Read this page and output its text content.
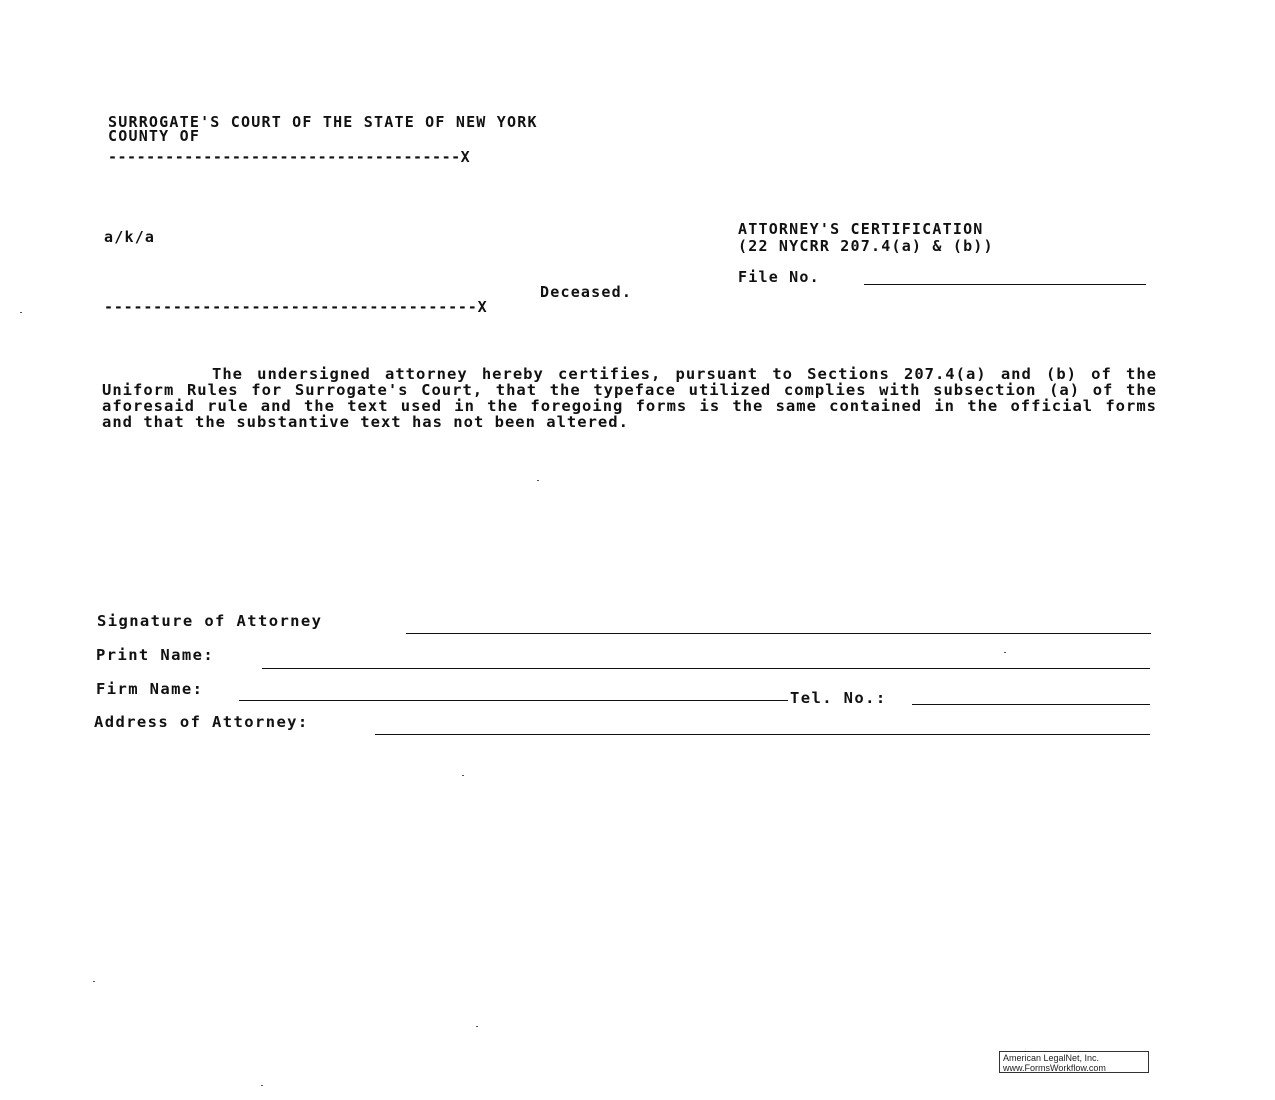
SURROGATE'S COURT OF THE STATE OF NEW YORK
COUNTY OF
-------------------------------------X
a/k/a
Deceased.
--------------------------------------X
ATTORNEY'S CERTIFICATION
(22 NYCRR 207.4(a) & (b))
File No.
The undersigned attorney hereby certifies, pursuant to Sections 207.4(a) and (b) of the Uniform Rules for Surrogate's Court, that the typeface utilized complies with subsection (a) of the aforesaid rule and the text used in the foregoing forms is the same contained in the official forms and that the substantive text has not been altered.
Signature of Attorney
Print Name:
Firm Name:	Tel. No.:
Address of Attorney:
American LegalNet, Inc.
www.FormsWorkflow.com
